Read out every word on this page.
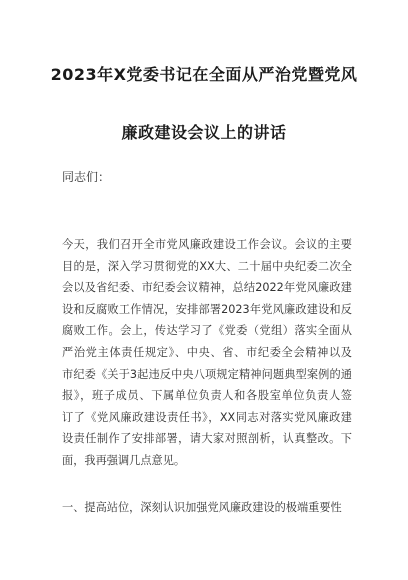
2023年X党委书记在全面从严治党暨党风
廉政建设会议上的讲话
同志们：
今天，我们召开全市党风廉政建设工作会议。会议的主要
目的是，深入学习贯彻党的XX大、二十届中央纪委二次全
会以及省纪委、市纪委会议精神，总结2022年党风廉政建
设和反腐败工作情况，安排部署2023年党风廉政建设和反
腐败工作。会上，传达学习了《党委（党组）落实全面从
严治党主体责任规定》、中央、省、市纪委全会精神以及
市纪委《关于3起违反中央八项规定精神问题典型案例的通
报》，班子成员、下属单位负责人和各股室单位负责人签
订了《党风廉政建设责任书》，XX同志对落实党风廉政建
设责任制作了安排部署，请大家对照剖析，认真整改。下
面，我再强调几点意见。
一、提高站位，深刻认识加强党风廉政建设的极端重要性
